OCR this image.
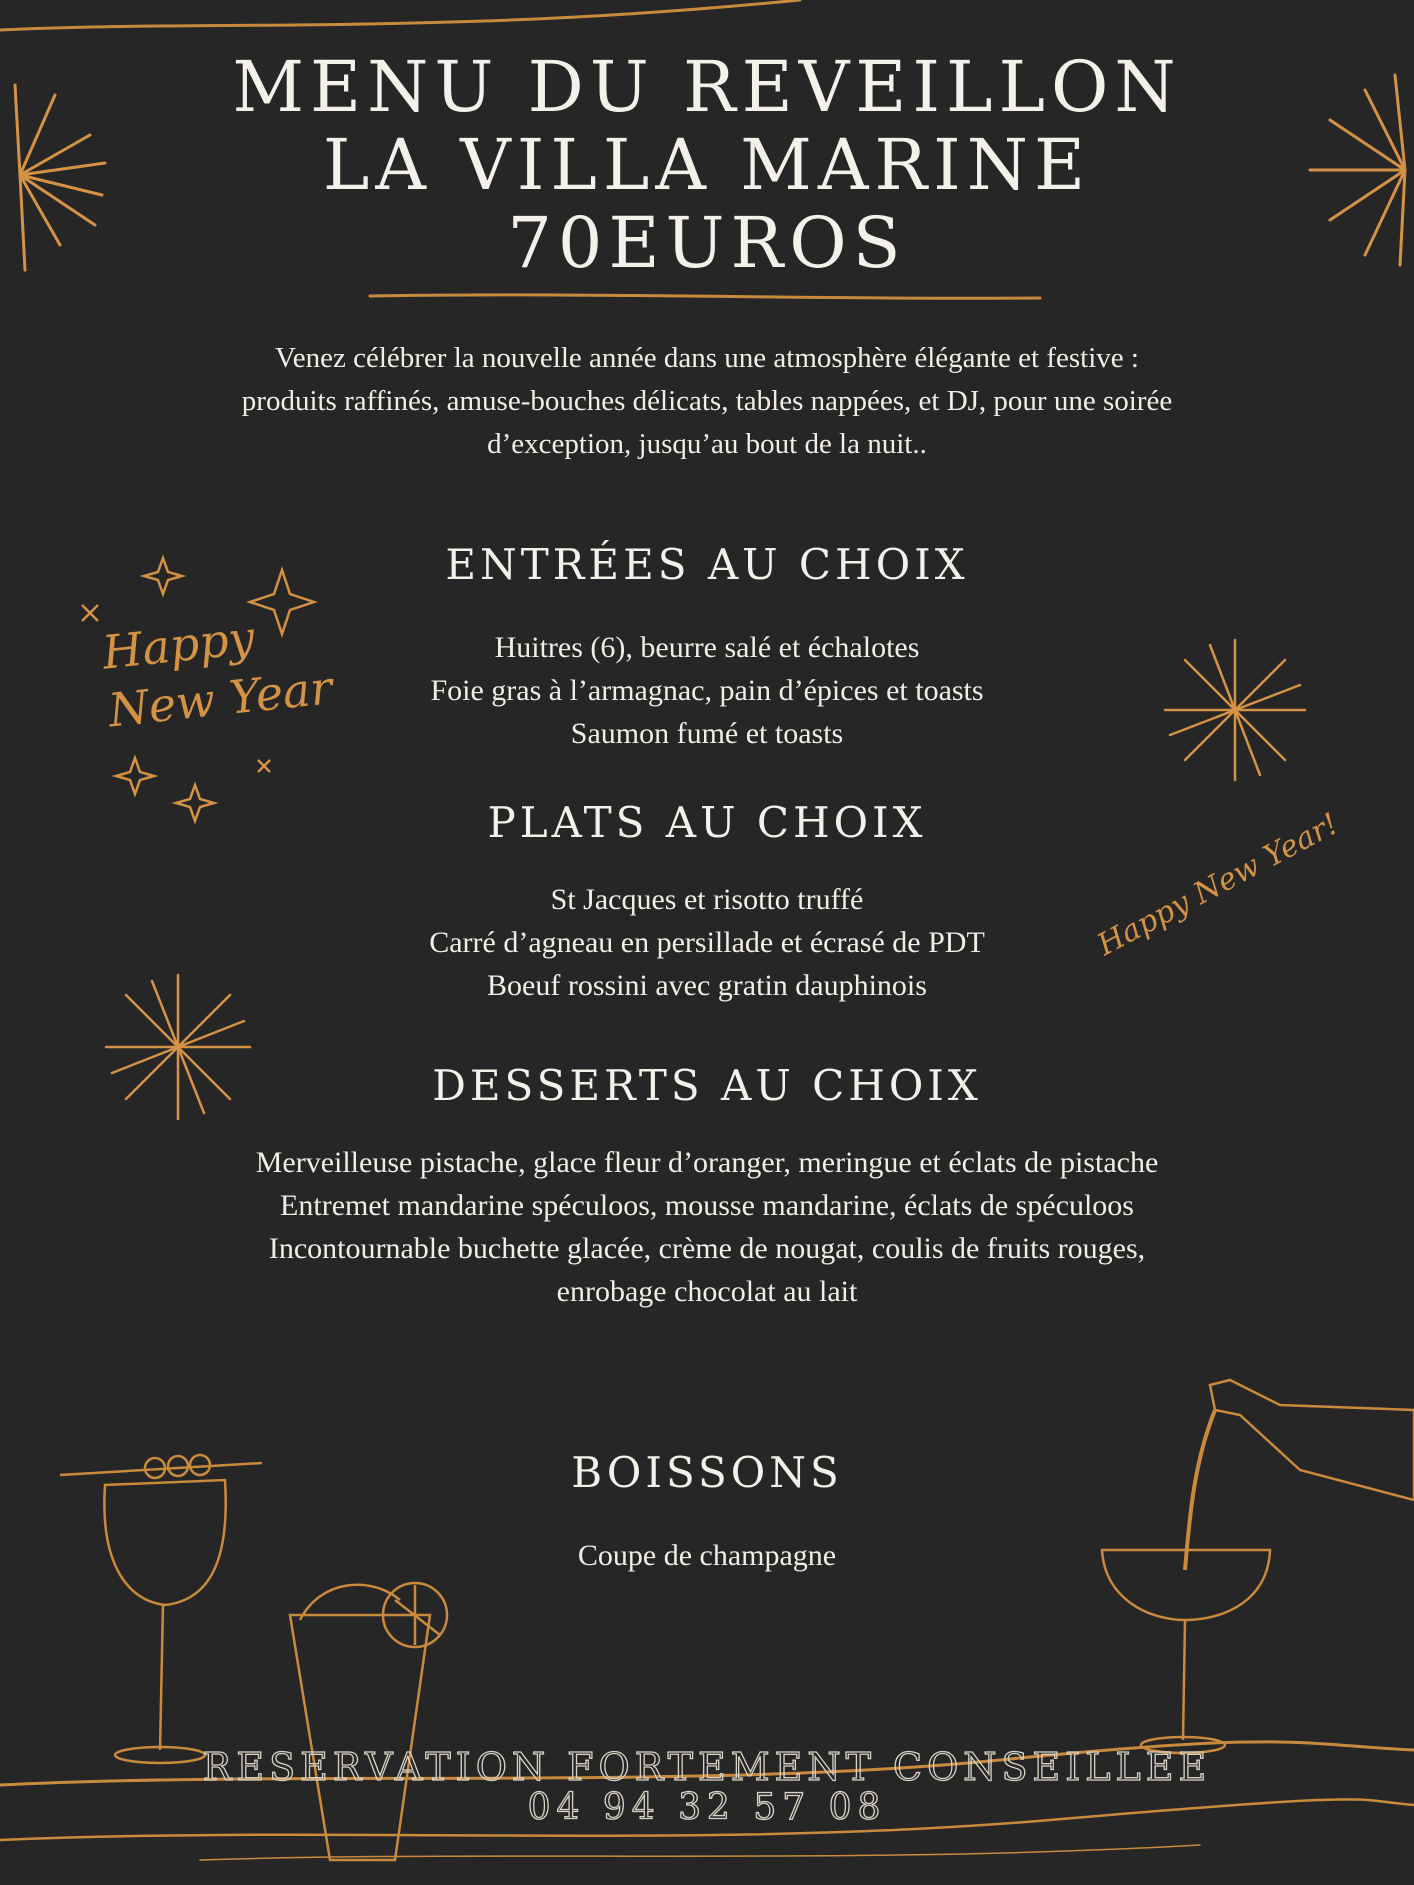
Happy
New Year
Happy New Year!
MENU DU REVEILLON
LA VILLA MARINE
70EUROS

Venez célébrer la nouvelle année dans une atmosphère élégante et festive : produits raffinés, amuse-bouches délicats, tables nappées, et DJ, pour une soirée d’exception, jusqu’au bout de la nuit..

ENTRÉES AU CHOIX
Huitres (6), beurre salé et échalotes
Foie gras à l’armagnac, pain d’épices et toasts
Saumon fumé et toasts
PLATS AU CHOIX
St Jacques et risotto truffé
Carré d’agneau en persillade et écrasé de PDT
Boeuf rossini avec gratin dauphinois
DESSERTS AU CHOIX
Merveilleuse pistache, glace fleur d’oranger, meringue et éclats de pistache
Entremet mandarine spéculoos, mousse mandarine, éclats de spéculoos
Incontournable buchette glacée, crème de nougat, coulis de fruits rouges, enrobage chocolat au lait
BOISSONS
Coupe de champagne
RESERVATION FORTEMENT CONSEILLEE
04 94 32 57 08
